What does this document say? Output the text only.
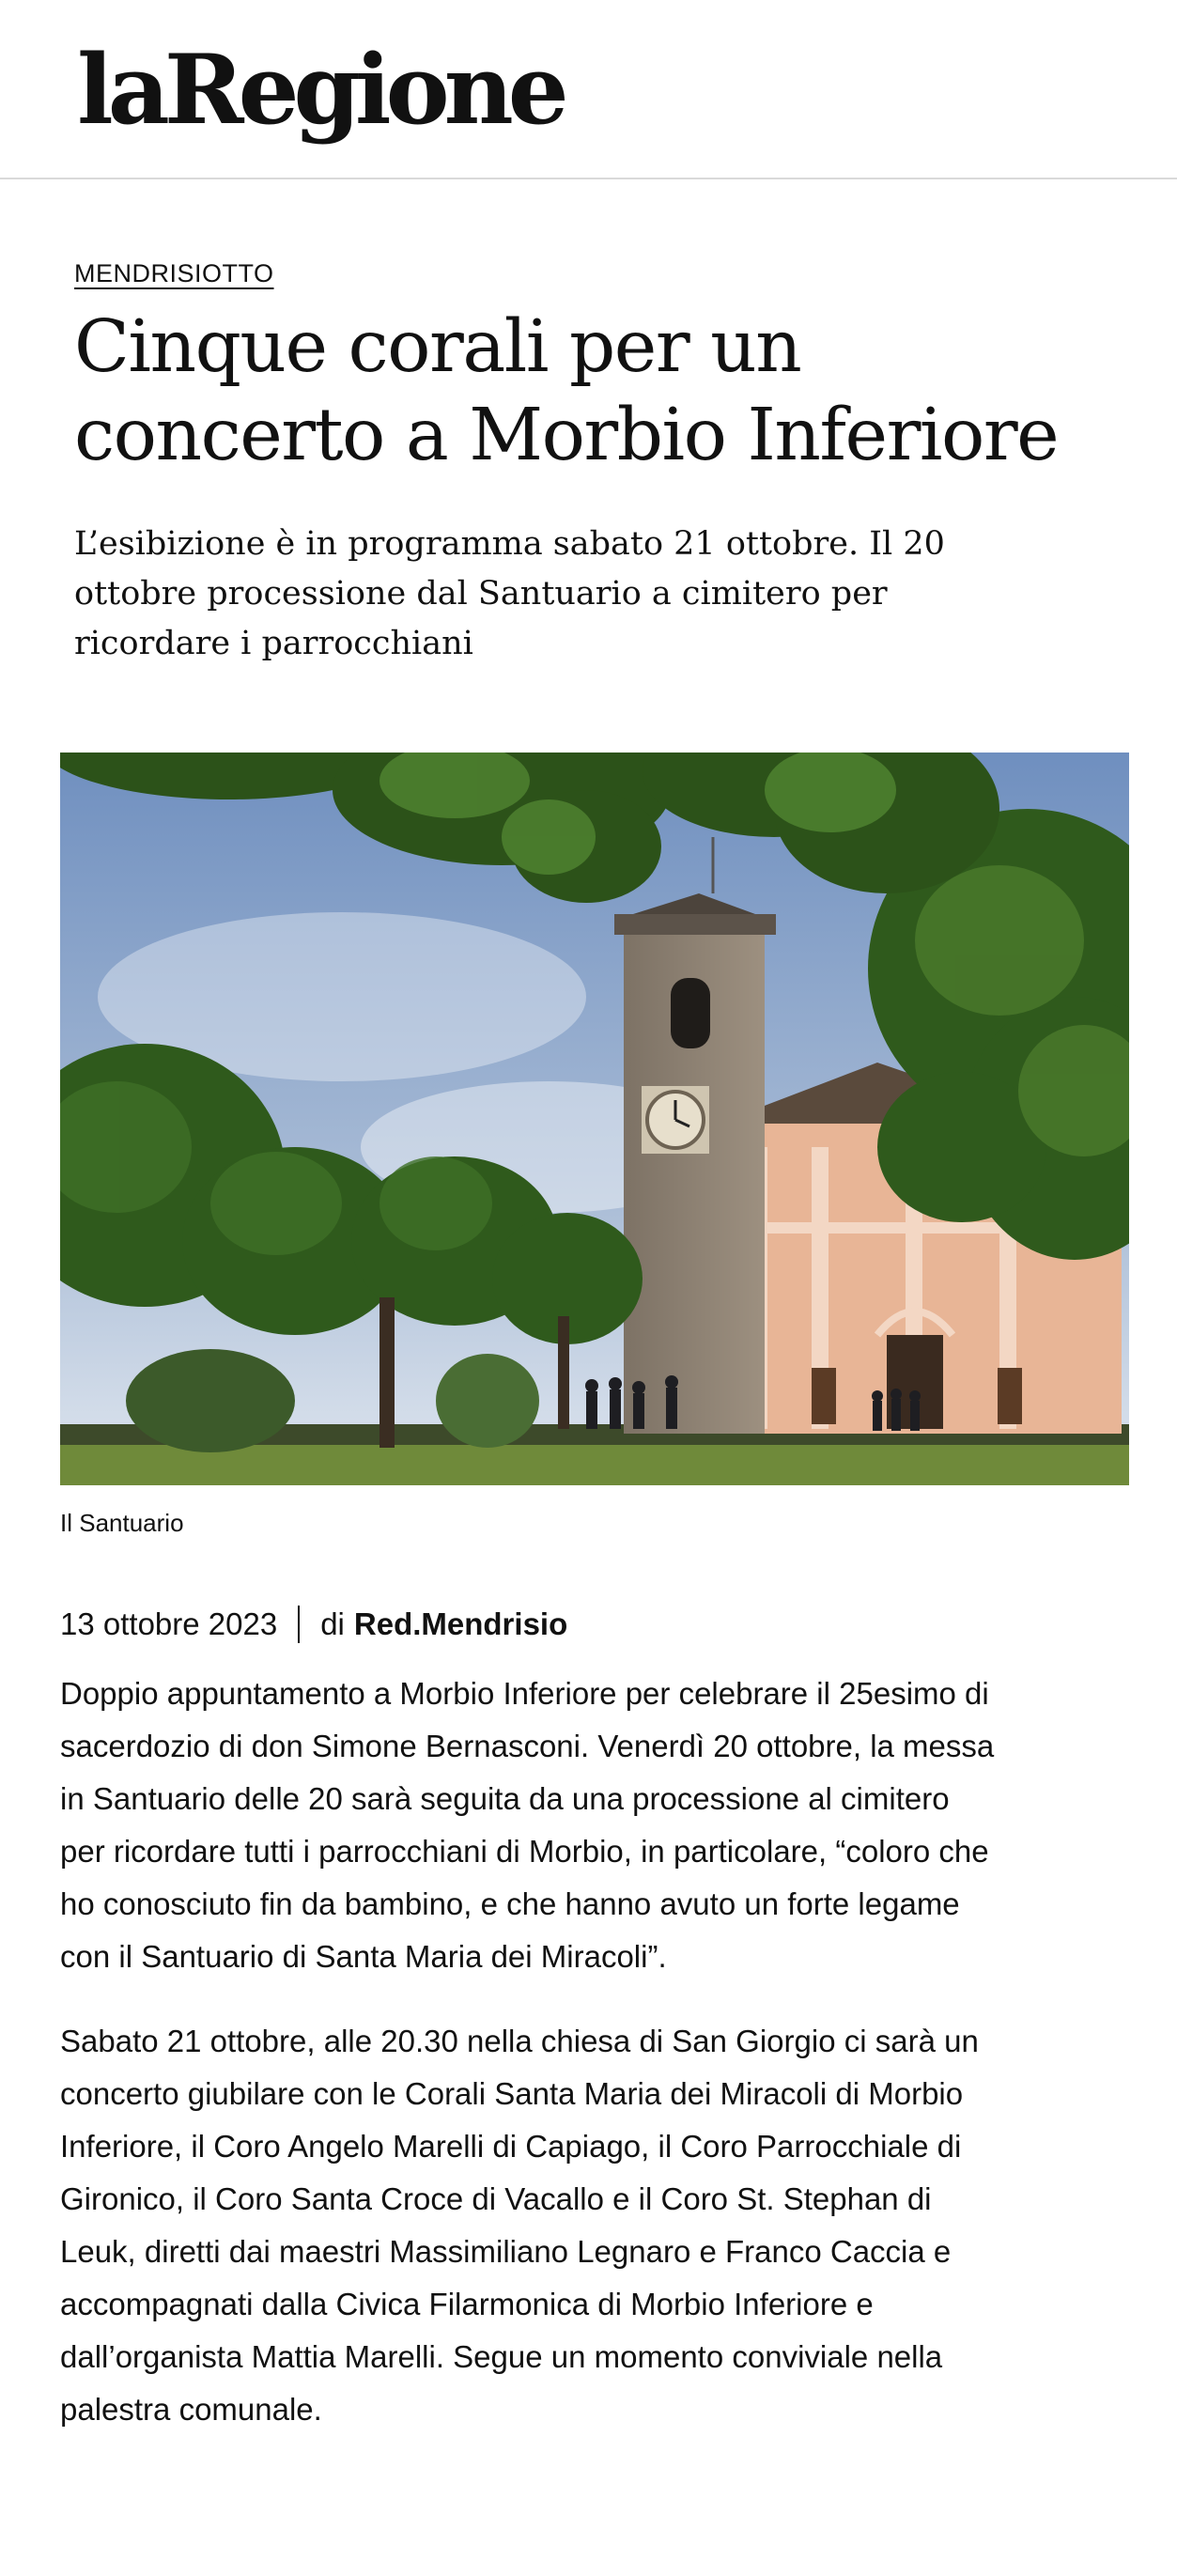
laRegione
MENDRISIOTTO
Cinque corali per un concerto a Morbio Inferiore

L’esibizione è in programma sabato 21 ottobre. Il 20 ottobre processione dal Santuario a cimitero per ricordare i parrocchiani

Il Santuario
13 ottobre 2023 di Red.Mendrisio

Doppio appuntamento a Morbio Inferiore per celebrare il 25esimo di sacerdozio di don Simone Bernasconi. Venerdì 20 ottobre, la messa in Santuario delle 20 sarà seguita da una processione al cimitero per ricordare tutti i parrocchiani di Morbio, in particolare, “coloro che ho conosciuto fin da bambino, e che hanno avuto un forte legame con il Santuario di Santa Maria dei Miracoli”.

Sabato 21 ottobre, alle 20.30 nella chiesa di San Giorgio ci sarà un concerto giubilare con le Corali Santa Maria dei Miracoli di Morbio Inferiore, il Coro Angelo Marelli di Capiago, il Coro Parrocchiale di Gironico, il Coro Santa Croce di Vacallo e il Coro St. Stephan di Leuk, diretti dai maestri Massimiliano Legnaro e Franco Caccia e accompagnati dalla Civica Filarmonica di Morbio Inferiore e dall’organista Mattia Marelli. Segue un momento conviviale nella palestra comunale.
